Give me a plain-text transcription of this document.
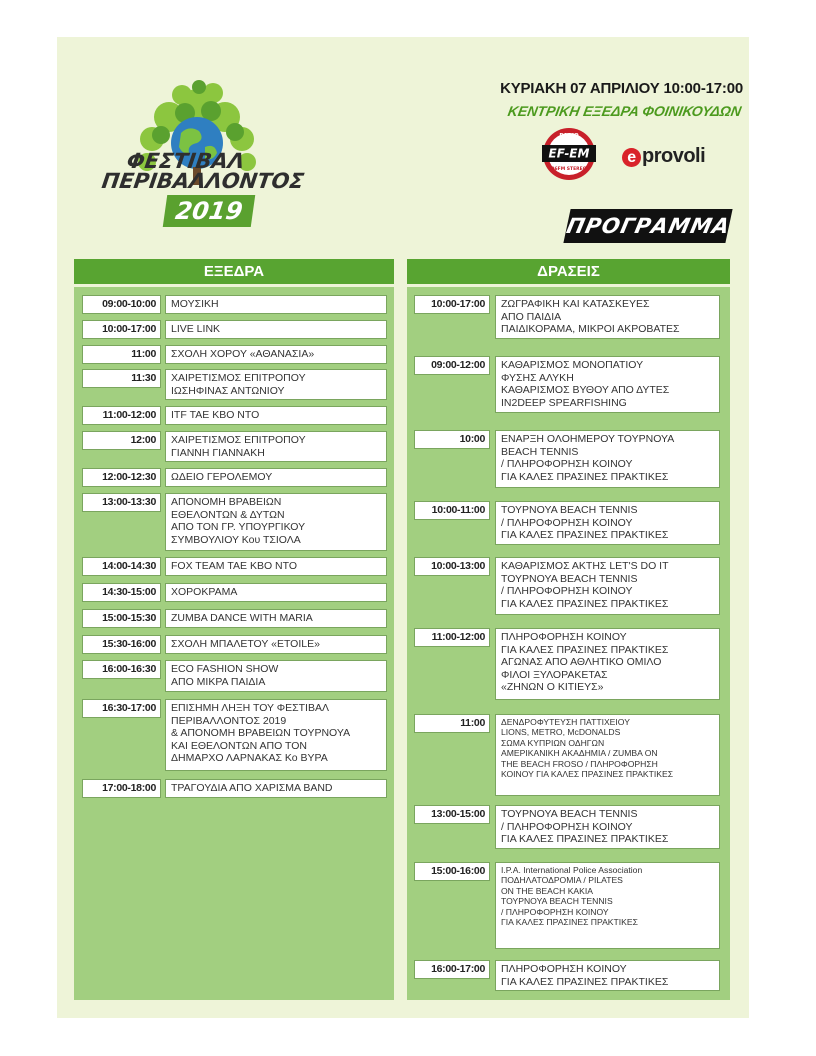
ΦΕΣΤΙΒΑΛ
ΠΕΡΙΒΑΛΛΟΝΤΟΣ
2019
ΚΥΡΙΑΚΗ 07 ΑΠΡΙΛΙΟΥ 10:00-17:00
ΚΕΝΤΡΙΚΗ ΕΞΕΔΡΑ ΦΟΙΝΙΚΟΥΔΩΝ
EF-EM
ΡΑΔΙΟ
96FM STEREO
e provoli
ΠΡΟΓΡΑΜΜΑ
ΕΞΕΔΡΑ	ΔΡΑΣΕΙΣ
09:00-10:00	ΜΟΥΣΙΚΗ
10:00-17:00	LIVE LINK
11:00	ΣΧΟΛΗ ΧΟΡΟΥ «ΑΘΑΝΑΣΙΑ»
11:30	ΧΑΙΡΕΤΙΣΜΟΣ ΕΠΙΤΡΟΠΟΥ
ΙΩΣΗΦΙΝΑΣ ΑΝΤΩΝΙΟΥ
11:00-12:00	ITF ΤΑΕ ΚΒΟ ΝΤΟ
12:00	ΧΑΙΡΕΤΙΣΜΟΣ ΕΠΙΤΡΟΠΟΥ
ΓΙΑΝΝΗ ΓΙΑΝΝΑΚΗ
12:00-12:30	ΩΔΕΙΟ ΓΕΡΟΛΕΜΟΥ
13:00-13:30	ΑΠΟΝΟΜΗ ΒΡΑΒΕΙΩΝ
ΕΘΕΛΟΝΤΩΝ & ΔΥΤΩΝ
ΑΠΟ ΤΟΝ ΓΡ. ΥΠΟΥΡΓΙΚΟΥ
ΣΥΜΒΟΥΛΙΟΥ Κου ΤΣΙΟΛΑ
14:00-14:30	FOX TEAM ΤΑΕ ΚΒΟ ΝΤΟ
14:30-15:00	ΧΟΡΟΚΡΑΜΑ
15:00-15:30	ZUMBA DANCE WITH MARIA
15:30-16:00	ΣΧΟΛΗ ΜΠΑΛΕΤΟΥ «ETOILE»
16:00-16:30	ECO FASHION SHOW
ΑΠΟ ΜΙΚΡΑ ΠΑΙΔΙΑ
16:30-17:00	ΕΠΙΣΗΜΗ ΛΗΞΗ ΤΟΥ ΦΕΣΤΙΒΑΛ
ΠΕΡΙΒΑΛΛΟΝΤΟΣ 2019
& ΑΠΟΝΟΜΗ ΒΡΑΒΕΙΩΝ ΤΟΥΡΝΟΥΑ
ΚΑΙ ΕΘΕΛΟΝΤΩΝ ΑΠΟ ΤΟΝ
ΔΗΜΑΡΧΟ ΛΑΡΝΑΚΑΣ Κο ΒΥΡΑ
17:00-18:00	ΤΡΑΓΟΥΔΙΑ ΑΠΟ ΧΑΡΙΣΜΑ BAND
10:00-17:00	ΖΩΓΡΑΦΙΚΗ ΚΑΙ ΚΑΤΑΣΚΕΥΕΣ
ΑΠΟ ΠΑΙΔΙΑ
ΠΑΙΔΙΚΟΡΑΜΑ, ΜΙΚΡΟΙ ΑΚΡΟΒΑΤΕΣ
09:00-12:00	ΚΑΘΑΡΙΣΜΟΣ ΜΟΝΟΠΑΤΙΟΥ
ΦΥΣΗΣ ΑΛΥΚΗ
ΚΑΘΑΡΙΣΜΟΣ ΒΥΘΟΥ ΑΠΟ ΔΥΤΕΣ
IN2DEEP SPEARFISHING
10:00	ΕΝΑΡΞΗ ΟΛΟΗΜΕΡΟΥ ΤΟΥΡΝΟΥΑ
BEACH TENNIS
/ ΠΛΗΡΟΦΟΡΗΣΗ ΚΟΙΝΟΥ
ΓΙΑ ΚΑΛΕΣ ΠΡΑΣΙΝΕΣ ΠΡΑΚΤΙΚΕΣ
10:00-11:00	ΤΟΥΡΝΟΥΑ BEACH TENNIS
/ ΠΛΗΡΟΦΟΡΗΣΗ ΚΟΙΝΟΥ
ΓΙΑ ΚΑΛΕΣ ΠΡΑΣΙΝΕΣ ΠΡΑΚΤΙΚΕΣ
10:00-13:00	ΚΑΘΑΡΙΣΜΟΣ ΑΚΤΗΣ LET'S DO IT
ΤΟΥΡΝΟΥΑ BEACH TENNIS
/ ΠΛΗΡΟΦΟΡΗΣΗ ΚΟΙΝΟΥ
ΓΙΑ ΚΑΛΕΣ ΠΡΑΣΙΝΕΣ ΠΡΑΚΤΙΚΕΣ
11:00-12:00	ΠΛΗΡΟΦΟΡΗΣΗ ΚΟΙΝΟΥ
ΓΙΑ ΚΑΛΕΣ ΠΡΑΣΙΝΕΣ ΠΡΑΚΤΙΚΕΣ
ΑΓΩΝΑΣ ΑΠΟ ΑΘΛΗΤΙΚΟ ΟΜΙΛΟ
ΦΙΛΟΙ ΞΥΛΟΡΑΚΕΤΑΣ
«ΖΗΝΩΝ Ο ΚΙΤΙΕΥΣ»
11:00	ΔΕΝΔΡΟΦΥΤΕΥΣΗ ΠΑΤΤΙΧΕΙΟΥ
LIONS, METRO, McDONALDS
ΣΩΜΑ ΚΥΠΡΙΩΝ ΟΔΗΓΩΝ
ΑΜΕΡΙΚΑΝΙΚΗ ΑΚΑΔΗΜΙΑ / ZUMBA ON
THE BEACH FROSO / ΠΛΗΡΟΦΟΡΗΣΗ
ΚΟΙΝΟΥ ΓΙΑ ΚΑΛΕΣ ΠΡΑΣΙΝΕΣ ΠΡΑΚΤΙΚΕΣ
13:00-15:00	ΤΟΥΡΝΟΥΑ BEACH TENNIS
/ ΠΛΗΡΟΦΟΡΗΣΗ ΚΟΙΝΟΥ
ΓΙΑ ΚΑΛΕΣ ΠΡΑΣΙΝΕΣ ΠΡΑΚΤΙΚΕΣ
15:00-16:00	I.P.A. International Police Association
ΠΟΔΗΛΑΤΟΔΡΟΜΙΑ / PILATES
ON THE BEACH ΚΑΚΙΑ
ΤΟΥΡΝΟΥΑ BEACH TENNIS
/ ΠΛΗΡΟΦΟΡΗΣΗ ΚΟΙΝΟΥ
ΓΙΑ ΚΑΛΕΣ ΠΡΑΣΙΝΕΣ ΠΡΑΚΤΙΚΕΣ
16:00-17:00	ΠΛΗΡΟΦΟΡΗΣΗ ΚΟΙΝΟΥ
ΓΙΑ ΚΑΛΕΣ ΠΡΑΣΙΝΕΣ ΠΡΑΚΤΙΚΕΣ
